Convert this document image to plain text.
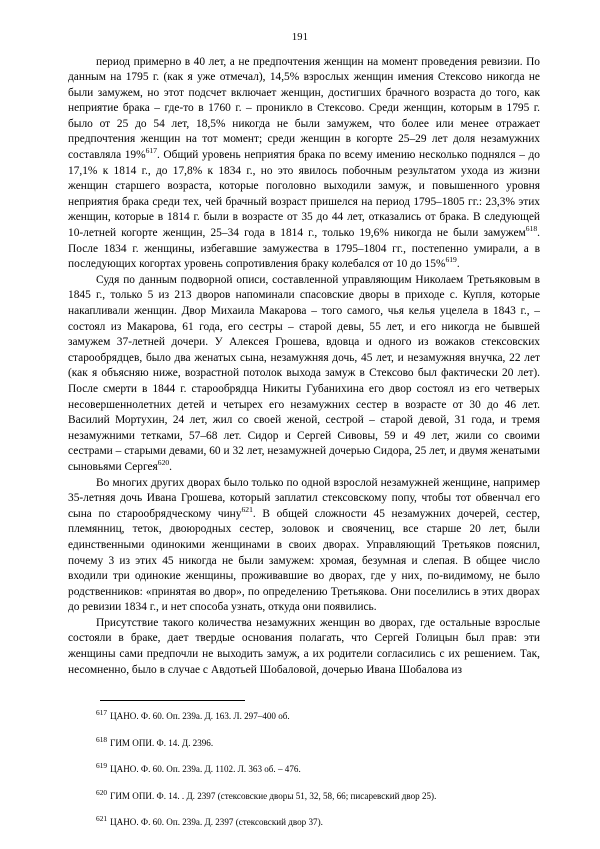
191

период примерно в 40 лет, а не предпочтения женщин на момент проведения ревизии. По данным на 1795 г. (как я уже отмечал), 14,5% взрослых женщин имения Стексово никогда не были замужем, но этот подсчет включает женщин, достигших брачного возраста до того, как неприятие брака – где-то в 1760 г. – проникло в Стексово. Среди женщин, которым в 1795 г. было от 25 до 54 лет, 18,5% никогда не были замужем, что более или менее отражает предпочтения женщин на тот момент; среди женщин в когорте 25–29 лет доля незамужних составляла 19%$^{617}$. Общий уровень неприятия брака по всему имению несколько поднялся – до 17,1% к 1814 г., до 17,8% к 1834 г., но это явилось побочным результатом ухода из жизни женщин старшего возраста, которые поголовно выходили замуж, и повышенного уровня неприятия брака среди тех, чей брачный возраст пришелся на период 1795–1805 гг.: 23,3% этих женщин, которые в 1814 г. были в возрасте от 35 до 44 лет, отказались от брака. В следующей 10-летней когорте женщин, 25–34 года в 1814 г., только 19,6% никогда не были замужем$^{618}$. После 1834 г. женщины, избегавшие замужества в 1795–1804 гг., постепенно умирали, а в последующих когортах уровень сопротивления браку колебался от 10 до 15%$^{619}$.

Судя по данным подворной описи, составленной управляющим Николаем Третьяковым в 1845 г., только 5 из 213 дворов напоминали спасовские дворы в приходе с. Купля, которые накапливали женщин. Двор Михаила Макарова – того самого, чья келья уцелела в 1843 г., – состоял из Макарова, 61 года, его сестры – старой девы, 55 лет, и его никогда не бывшей замужем 37-летней дочери. У Алексея Грошева, вдовца и одного из вожаков стексовских старообрядцев, было два женатых сына, незамужняя дочь, 45 лет, и незамужняя внучка, 22 лет (как я объясняю ниже, возрастной потолок выхода замуж в Стексово был фактически 20 лет). После смерти в 1844 г. старообрядца Никиты Губанихина его двор состоял из его четверых несовершеннолетних детей и четырех его незамужних сестер в возрасте от 30 до 46 лет. Василий Мортухин, 24 лет, жил со своей женой, сестрой – старой девой, 31 года, и тремя незамужними тетками, 57–68 лет. Сидор и Сергей Сивовы, 59 и 49 лет, жили со своими сестрами – старыми девами, 60 и 32 лет, незамужней дочерью Сидора, 25 лет, и двумя женатыми сыновьями Сергея$^{620}$.

Во многих других дворах было только по одной взрослой незамужней женщине, например 35-летняя дочь Ивана Грошева, который заплатил стексовскому попу, чтобы тот обвенчал его сына по старообрядческому чину$^{621}$. В общей сложности 45 незамужних дочерей, сестер, племянниц, теток, двоюродных сестер, золовок и своячениц, все старше 20 лет, были единственными одинокими женщинами в своих дворах. Управляющий Третьяков пояснил, почему 3 из этих 45 никогда не были замужем: хромая, безумная и слепая. В общее число входили три одинокие женщины, проживавшие во дворах, где у них, по-видимому, не было родственников: «принятая во двор», по определению Третьякова. Они поселились в этих дворах до ревизии 1834 г., и нет способа узнать, откуда они появились.

Присутствие такого количества незамужних женщин во дворах, где остальные взрослые состояли в браке, дает твердые основания полагать, что Сергей Голицын был прав: эти женщины сами предпочли не выходить замуж, а их родители согласились с их решением. Так, несомненно, было в случае с Авдотьей Шобаловой, дочерью Ивана Шобалова из

$^{617}$ ЦАНО. Ф. 60. Оп. 239а. Д. 163. Л. 297–400 об.
$^{618}$ ГИМ ОПИ. Ф. 14. Д. 2396.
$^{619}$ ЦАНО. Ф. 60. Оп. 239а. Д. 1102. Л. 363 об. – 476.
$^{620}$ ГИМ ОПИ. Ф. 14. . Д. 2397 (стексовские дворы 51, 32, 58, 66; писаревский двор 25).
$^{621}$ ЦАНО. Ф. 60. Оп. 239а. Д. 2397 (стексовский двор 37).
